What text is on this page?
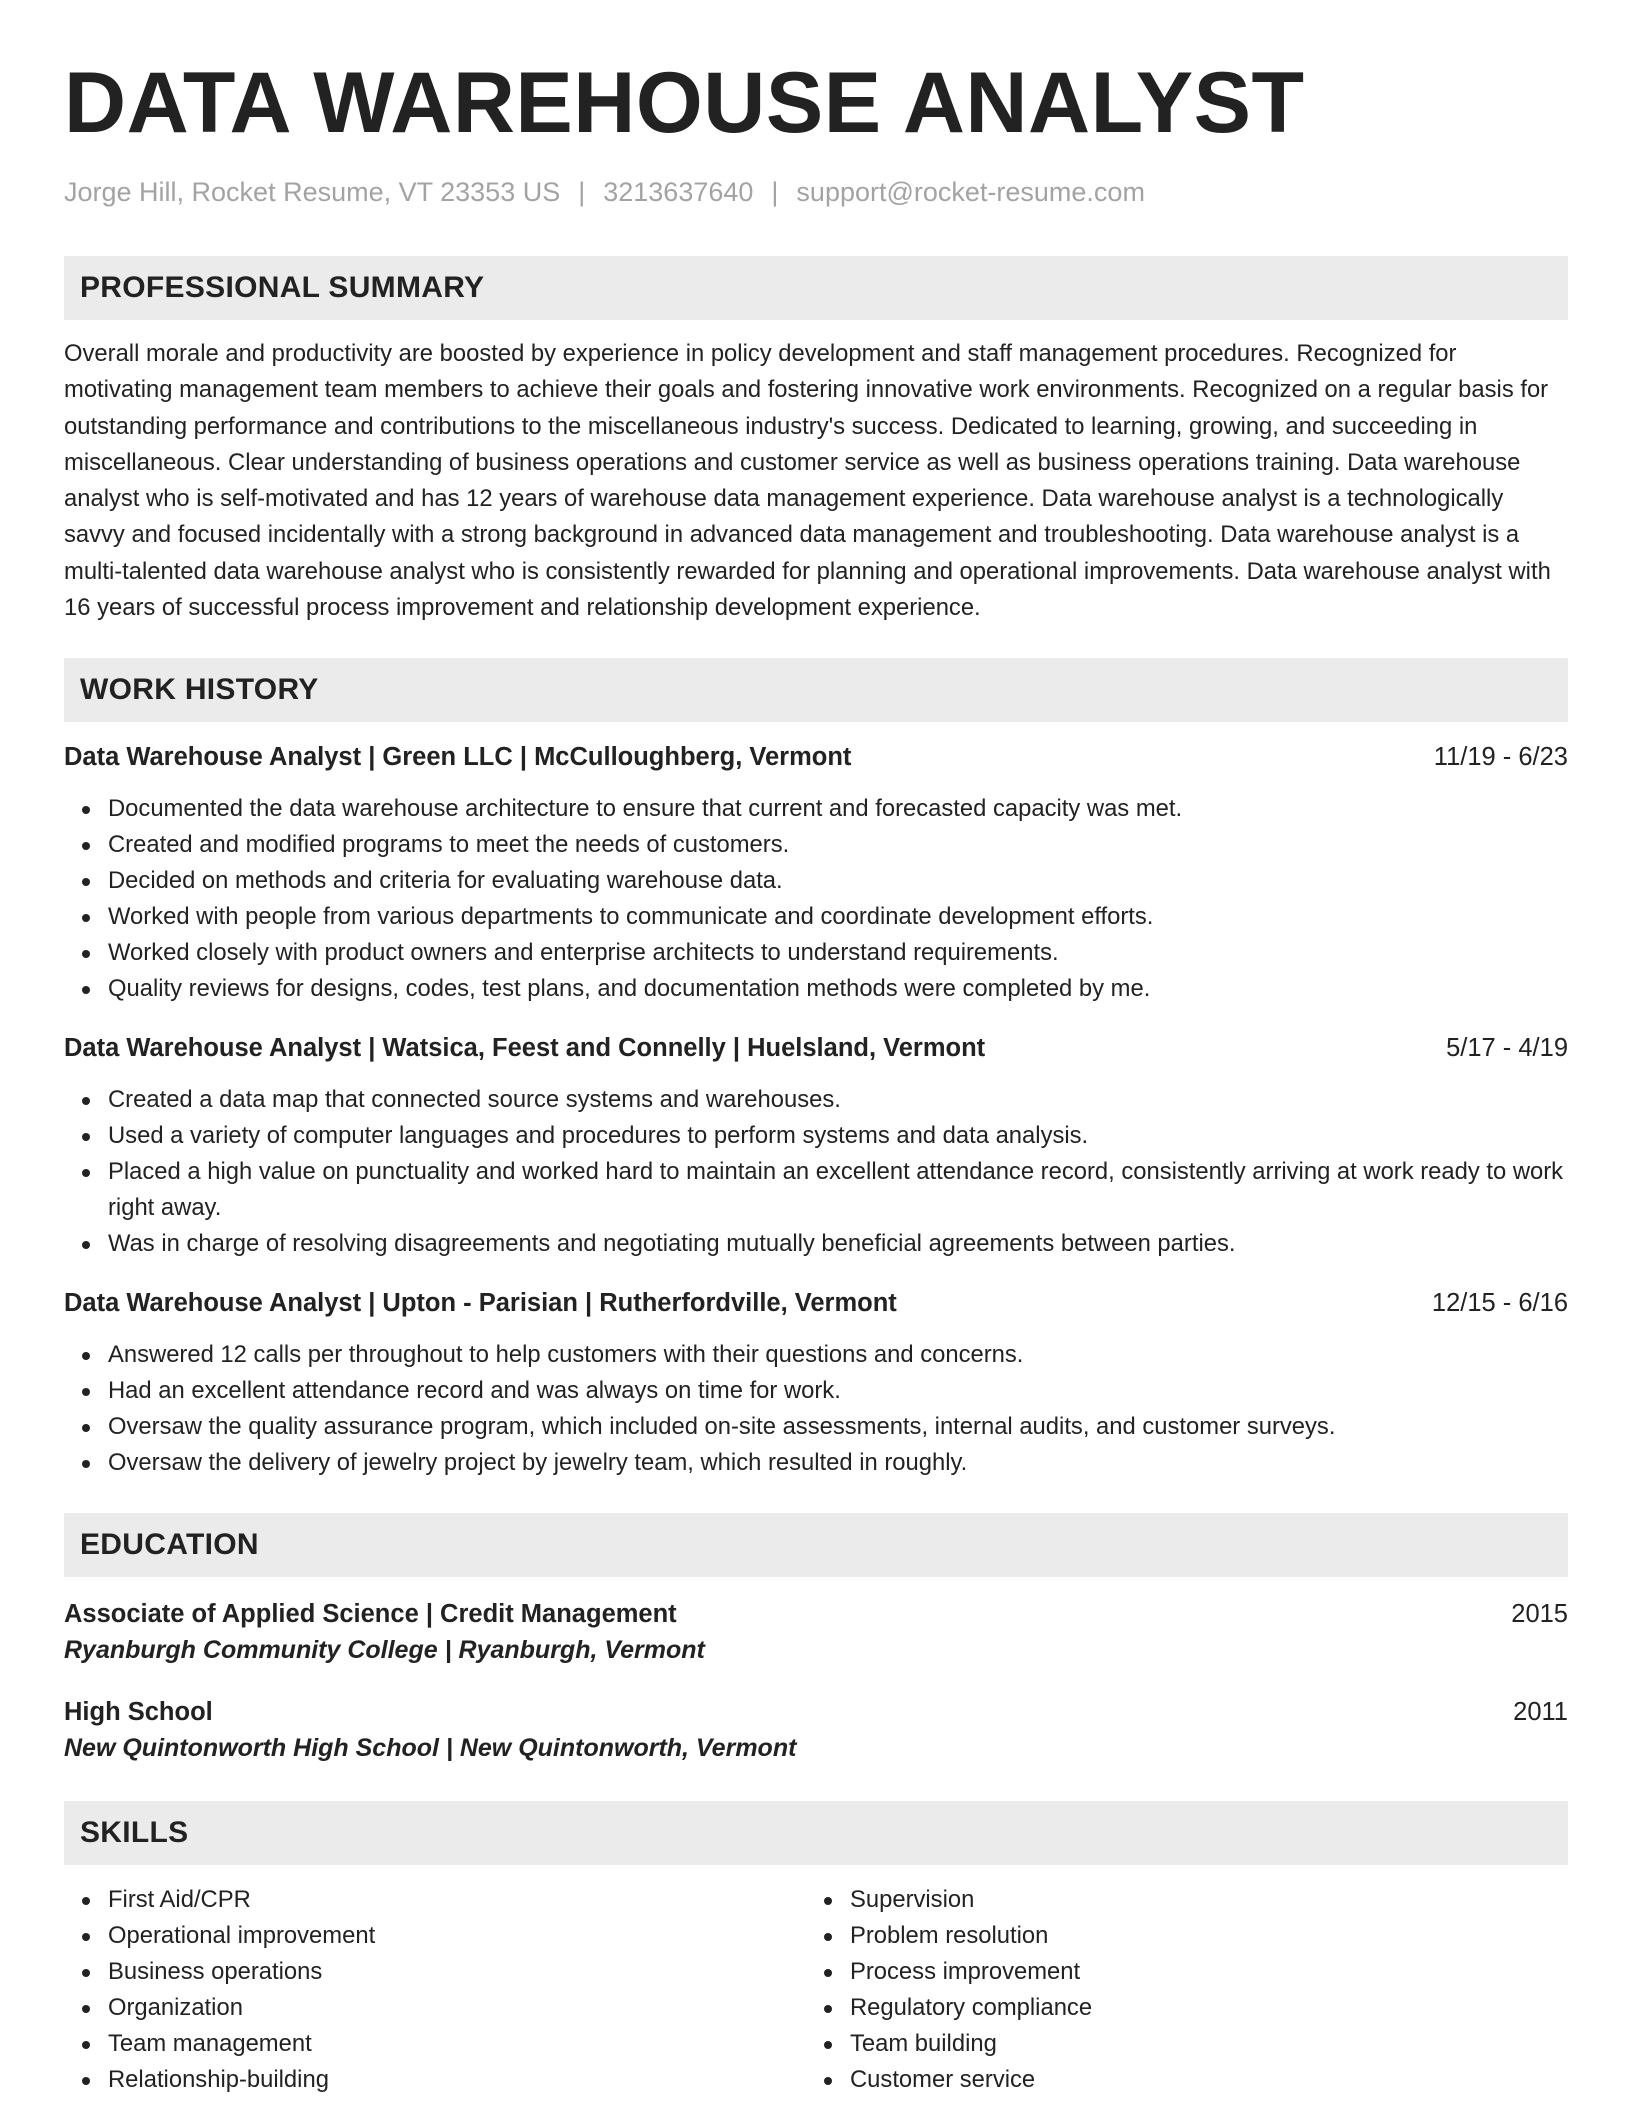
DATA WAREHOUSE ANALYST
Jorge Hill, Rocket Resume, VT 23353 US | 3213637640 | support@rocket-resume.com
PROFESSIONAL SUMMARY

Overall morale and productivity are boosted by experience in policy development and staff management procedures. Recognized for motivating management team members to achieve their goals and fostering innovative work environments. Recognized on a regular basis for outstanding performance and contributions to the miscellaneous industry's success. Dedicated to learning, growing, and succeeding in miscellaneous. Clear understanding of business operations and customer service as well as business operations training. Data warehouse analyst who is self-motivated and has 12 years of warehouse data management experience. Data warehouse analyst is a technologically savvy and focused incidentally with a strong background in advanced data management and troubleshooting. Data warehouse analyst is a multi-talented data warehouse analyst who is consistently rewarded for planning and operational improvements. Data warehouse analyst with 16 years of successful process improvement and relationship development experience.

WORK HISTORY
Data Warehouse Analyst | Green LLC | McCulloughberg, Vermont	11/19 - 6/23
Documented the data warehouse architecture to ensure that current and forecasted capacity was met.
Created and modified programs to meet the needs of customers.
Decided on methods and criteria for evaluating warehouse data.
Worked with people from various departments to communicate and coordinate development efforts.
Worked closely with product owners and enterprise architects to understand requirements.
Quality reviews for designs, codes, test plans, and documentation methods were completed by me.
Data Warehouse Analyst | Watsica, Feest and Connelly | Huelsland, Vermont	5/17 - 4/19
Created a data map that connected source systems and warehouses.
Used a variety of computer languages and procedures to perform systems and data analysis.
Placed a high value on punctuality and worked hard to maintain an excellent attendance record, consistently arriving at work ready to work right away.
Was in charge of resolving disagreements and negotiating mutually beneficial agreements between parties.
Data Warehouse Analyst | Upton - Parisian | Rutherfordville, Vermont	12/15 - 6/16
Answered 12 calls per throughout to help customers with their questions and concerns.
Had an excellent attendance record and was always on time for work.
Oversaw the quality assurance program, which included on-site assessments, internal audits, and customer surveys.
Oversaw the delivery of jewelry project by jewelry team, which resulted in roughly.
EDUCATION
Associate of Applied Science | Credit Management	2015
Ryanburgh Community College | Ryanburgh, Vermont
High School	2011
New Quintonworth High School | New Quintonworth, Vermont
SKILLS
First Aid/CPR
Operational improvement
Business operations
Organization
Team management
Relationship-building
Supervision
Problem resolution
Process improvement
Regulatory compliance
Team building
Customer service
